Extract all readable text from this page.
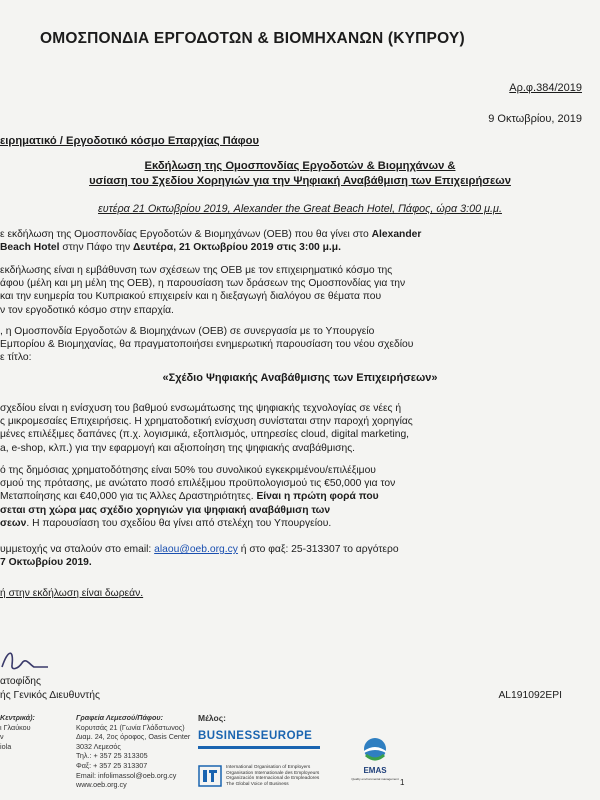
ΟΜΟΣΠΟΝΔΙΑ ΕΡΓΟΔΟΤΩΝ & ΒΙΟΜΗΧΑΝΩΝ (ΚΥΠΡΟΥ)
Αρ.φ.384/2019
9 Οκτωβρίου, 2019
ειρηματικό / Εργοδοτικό κόσμο Επαρχίας Πάφου
Εκδήλωση της Ομοσπονδίας Εργοδοτών & Βιομηχάνων &
υσίαση του Σχεδίου Χορηγιών για την Ψηφιακή Αναβάθμιση των Επιχειρήσεων
ευτέρα 21 Οκτωβρίου 2019, Alexander the Great Beach Hotel, Πάφος, ώρα 3:00 μ.μ.
ε εκδήλωση της Ομοσπονδίας Εργοδοτών & Βιομηχάνων (ΟΕΒ) που θα γίνει στο Alexander
Beach Hotel στην Πάφο την Δευτέρα, 21 Οκτωβρίου 2019 στις 3:00 μ.μ.
εκδήλωσης είναι η εμβάθυνση των σχέσεων της ΟΕΒ με τον επιχειρηματικό κόσμο της
άφου (μέλη και μη μέλη της ΟΕΒ), η παρουσίαση των δράσεων της Ομοσπονδίας για την
και την ευημερία του Κυπριακού επιχειρείν και η διεξαγωγή διαλόγου σε θέματα που
ν τον εργοδοτικό κόσμο στην επαρχία.
, η Ομοσπονδία Εργοδοτών & Βιομηχάνων (ΟΕΒ) σε συνεργασία με το Υπουργείο
Εμπορίου & Βιομηχανίας, θα πραγματοποιήσει ενημερωτική παρουσίαση του νέου σχεδίου
ε τίτλο:
«Σχέδιο Ψηφιακής Αναβάθμισης των Επιχειρήσεων»
σχεδίου είναι η ενίσχυση του βαθμού ενσωμάτωσης της ψηφιακής τεχνολογίας σε νέες ή
ς μικρομεσαίες Επιχειρήσεις. Η χρηματοδοτική ενίσχυση συνίσταται στην παροχή χορηγίας
μένες επιλέξιμες δαπάνες (π.χ. λογισμικά, εξοπλισμός, υπηρεσίες cloud, digital marketing,
a, e-shop, κλπ.) για την εφαρμογή και αξιοποίηση της ψηφιακής αναβάθμισης.
ό της δημόσιας χρηματοδότησης είναι 50% του συνολικού εγκεκριμένου/επιλέξιμου
σμού της πρότασης, με ανώτατο ποσό επιλέξιμου προϋπολογισμού τις €50,000 για τον
Μεταποίησης και €40,000 για τις Άλλες Δραστηριότητες. Είναι η πρώτη φορά που
σεται στη χώρα μας σχέδιο χορηγιών για ψηφιακή αναβάθμιση των
σεων. Η παρουσίαση του σχεδίου θα γίνει από στελέχη του Υπουργείου.
υμμετοχής να σταλούν στο email: alaou@oeb.org.cy ή στο φαξ: 25-313307 το αργότερο
7 Οκτωβρίου 2019.
ή στην εκδήλωση είναι δωρεάν.
ατοφίδης
ής Γενικός Διευθυντής	AL191092EPI
Κεντρικά):
ι Γλαύκου
ν
iola
Γραφεία Λεμεσού/Πάφου:
Κορυτσάς 21 (Γωνία Γλάδστωνος)
Διαμ. 24, 2ος όροφος, Oasis Center
3032 Λεμεσός
Τηλ.: + 357 25 313305
Φαξ: + 357 25 313307
Email: infolimassol@oeb.org.cy
www.oeb.org.cy
Μέλος:
BUSINESSEUROPE
International Organisation of Employers
Organisation Internationale des Employeurs
Organización Internacional de Empleadores
The Global Voice of Business
EMAS
Quality environmental management 1
